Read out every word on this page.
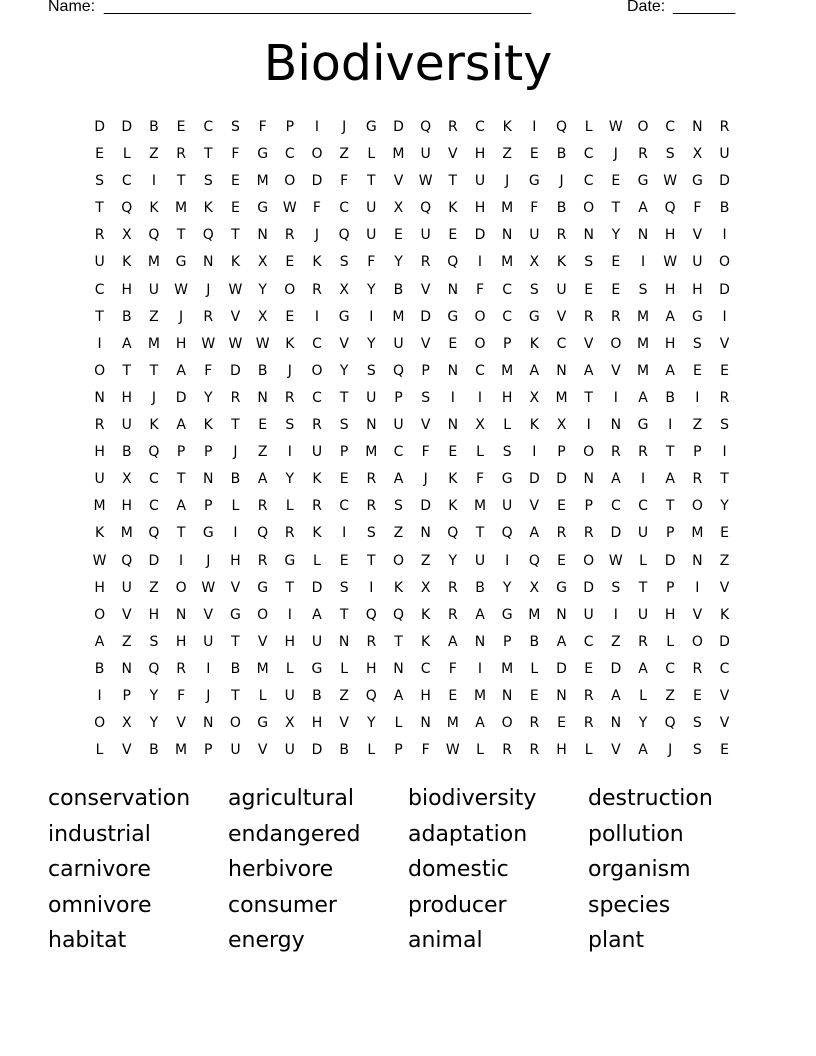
Name: ________________________________________________	Date: _______
Biodiversity
D	D	B	E	C	S	F	P	I	J	G	D	Q	R	C	K	I	Q	L	W	O	C	N	R
E	L	Z	R	T	F	G	C	O	Z	L	M	U	V	H	Z	E	B	C	J	R	S	X	U
S	C	I	T	S	E	M	O	D	F	T	V	W	T	U	J	G	J	C	E	G	W	G	D
T	Q	K	M	K	E	G	W	F	C	U	X	Q	K	H	M	F	B	O	T	A	Q	F	B
R	X	Q	T	Q	T	N	R	J	Q	U	E	U	E	D	N	U	R	N	Y	N	H	V	I
U	K	M	G	N	K	X	E	K	S	F	Y	R	Q	I	M	X	K	S	E	I	W	U	O
C	H	U	W	J	W	Y	O	R	X	Y	B	V	N	F	C	S	U	E	E	S	H	H	D
T	B	Z	J	R	V	X	E	I	G	I	M	D	G	O	C	G	V	R	R	M	A	G	I
I	A	M	H	W W W	K	C	V	Y	U	V	E	O	P	K	C	V	O	M	H	S	V
O	T	T	A	F	D	B	J	O	Y	S	Q	P	N	C	M	A	N	A	V	M	A	E	E
N	H	J	D	Y	R	N	R	C	T	U	P	S	I	I	H	X	M	T	I	A	B	I	R
R	U	K	A	K	T	E	S	R	S	N	U	V	N	X	L	K	X	I	N	G	I	Z	S
H	B	Q	P	P	J	Z	I	U	P	M	C	F	E	L	S	I	P	O	R	R	T	P	I
U	X	C	T	N	B	A	Y	K	E	R	A	J	K	F	G	D	D	N	A	I	A	R	T
M	H	C	A	P	L	R	L	R	C	R	S	D	K	M	U	V	E	P	C	C	T	O	Y
K	M	Q	T	G	I	Q	R	K	I	S	Z	N	Q	T	Q	A	R	R	D	U	P	M	E
W	Q	D	I	J	H	R	G	L	E	T	O	Z	Y	U	I	Q	E	O	W	L	D	N	Z
H	U	Z	O	W	V	G	T	D	S	I	K	X	R	B	Y	X	G	D	S	T	P	I	V
O	V	H	N	V	G	O	I	A	T	Q	Q	K	R	A	G	M	N	U	I	U	H	V	K
A	Z	S	H	U	T	V	H	U	N	R	T	K	A	N	P	B	A	C	Z	R	L	O	D
B	N	Q	R	I	B	M	L	G	L	H	N	C	F	I	M	L	D	E	D	A	C	R	C
I	P	Y	F	J	T	L	U	B	Z	Q	A	H	E	M	N	E	N	R	A	L	Z	E	V
O	X	Y	V	N	O	G	X	H	V	Y	L	N	M	A	O	R	E	R	N	Y	Q	S	V
L	V	B	M	P	U	V	U	D	B	L	P	F	W	L	R	R	H	L	V	A	J	S	E
conservation	agricultural	biodiversity	destruction
industrial	endangered	adaptation	pollution
carnivore	herbivore	domestic	organism
omnivore	consumer	producer	species
habitat	energy	animal	plant
